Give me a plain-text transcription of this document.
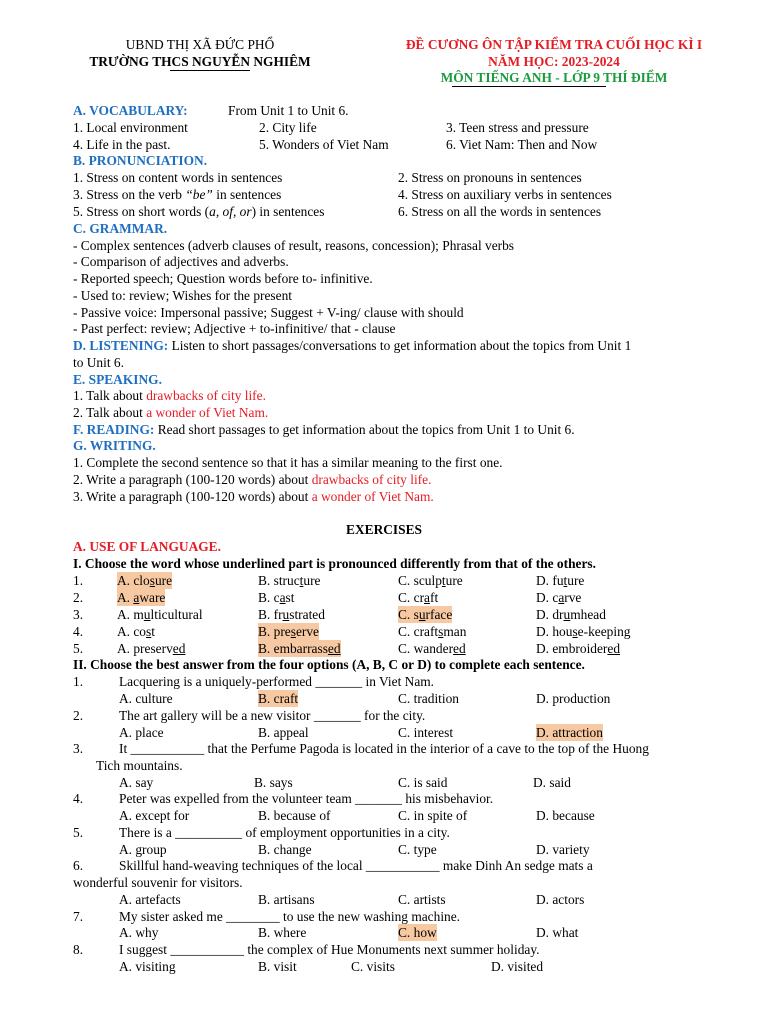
UBND THỊ XÃ ĐỨC PHỔ
TRƯỜNG THCS NGUYỄN NGHIÊM
ĐỀ CƯƠNG ÔN TẬP KIỂM TRA CUỐI HỌC KÌ I
NĂM HỌC: 2023-2024
MÔN TIẾNG ANH - LỚP 9 THÍ ĐIỂM
A. VOCABULARY:	From Unit 1 to Unit 6.
1. Local environment	2. City life	3. Teen stress and pressure
4. Life in the past.	5. Wonders of Viet Nam	6. Viet Nam: Then and Now
B. PRONUNCIATION.
1. Stress on content words in sentences	2. Stress on pronouns in sentences
3. Stress on the verb “be” in sentences	4. Stress on auxiliary verbs in sentences
5. Stress on short words (a, of, or) in sentences	6. Stress on all the words in sentences
C. GRAMMAR.
- Complex sentences (adverb clauses of result, reasons, concession); Phrasal verbs
- Comparison of adjectives and adverbs.
- Reported speech; Question words before to- infinitive.
- Used to: review; Wishes for the present
- Passive voice: Impersonal passive; Suggest + V-ing/ clause with should
- Past perfect: review; Adjective + to-infinitive/ that - clause
D. LISTENING: Listen to short passages/conversations to get information about the topics from Unit 1
to Unit 6.
E. SPEAKING.
1. Talk about drawbacks of city life.
2. Talk about a wonder of Viet Nam.
F. READING: Read short passages to get information about the topics from Unit 1 to Unit 6.
G. WRITING.
1. Complete the second sentence so that it has a similar meaning to the first one.
2. Write a paragraph (100-120 words) about drawbacks of city life.
3. Write a paragraph (100-120 words) about a wonder of Viet Nam.
EXERCISES
A. USE OF LANGUAGE.
I. Choose the word whose underlined part is pronounced differently from that of the others.
1.	A. closure	B. structure	C. sculpture	D. future
2.	A. aware	B. cast	C. craft	D. carve
3.	A. multicultural	B. frustrated	C. surface	D. drumhead
4.	A. cost	B. preserve	C. craftsman	D. house-keeping
5.	A. preserved	B. embarrassed	C. wandered	D. embroidered
II. Choose the best answer from the four options (A, B, C or D) to complete each sentence.
1.	Lacquering is a uniquely-performed _______ in Viet Nam.
A. culture	B. craft	C. tradition	D. production
2.	The art gallery will be a new visitor _______ for the city.
A. place	B. appeal	C. interest	D. attraction
3.	It ___________ that the Perfume Pagoda is located in the interior of a cave to the top of the Huong
Tich mountains.
A. say	B. says	C. is said	D. said
4.	Peter was expelled from the volunteer team _______ his misbehavior.
A. except for	B. because of	C. in spite of	D. because
5.	There is a __________ of employment opportunities in a city.
A. group	B. change	C. type	D. variety
6.	Skillful hand-weaving techniques of the local ___________ make Dinh An sedge mats a
wonderful souvenir for visitors.
A. artefacts	B. artisans	C. artists	D. actors
7.	My sister asked me ________ to use the new washing machine.
A. why	B. where	C. how	D. what
8.	I suggest ___________ the complex of Hue Monuments next summer holiday.
A. visiting	B. visit	C. visits	D. visited
